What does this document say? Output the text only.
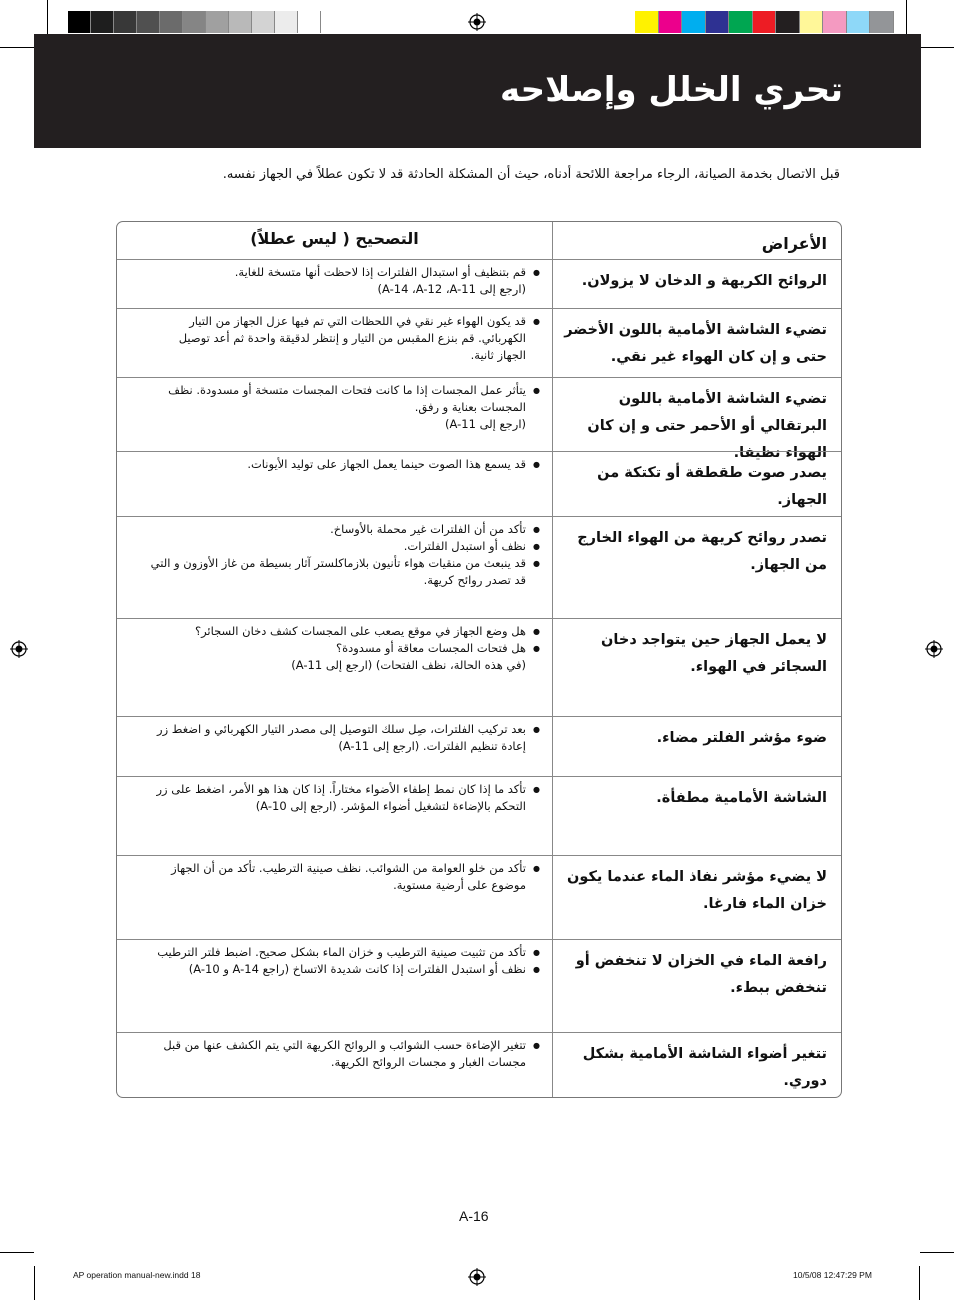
تحري الخلل وإصلاحه
قبل الاتصال بخدمة الصيانة، الرجاء مراجعة اللائحة أدناه، حيث أن المشكلة الحادثة قد لا تكون عطلاً في الجهاز نفسه.
الأعراض
التصحيح ( ليس عطلاً)
الروائح الكريهة و الدخان لا يزولان.
● قم بتنظيف أو استبدال الفلترات إذا لاحظت أنها متسخة للغاية.
(ارجع إلى A-14 ،A-12 ،A-11)
تضيء الشاشة الأمامية باللون الأخضر حتى و إن كان الهواء غير نقي.
● قد يكون الهواء غير نقي في اللحظات التي تم فيها عزل الجهاز من التيار الكهربائي. قم بنزع المقبس من التيار و إنتظر لدقيقة واحدة ثم أعد توصيل الجهاز ثانية.
تضيء الشاشة الأمامية باللون البرتقالي أو الأحمر حتى و إن كان الهواء نظيفا.
● يتأثر عمل المجسات إذا ما كانت فتحات المجسات متسخة أو مسدودة. نظف المجسات بعناية و رفق.
(ارجع إلى A-11)
يصدر صوت طقطقة أو تكتكة من الجهاز.
● قد يسمع هذا الصوت حينما يعمل الجهاز على توليد الأيونات.
تصدر روائح كريهة من الهواء الخارج من الجهاز.
● تأكد من أن الفلترات غير محملة بالأوساخ.
● نظف أو استبدل الفلترات.
● قد ينبعث من منقيات هواء تأنيون بلازماكلستر آثار بسيطة من غاز الأوزون و التي قد تصدر روائح كريهة.
لا يعمل الجهاز حين يتواجد دخان السجائر في الهواء.
● هل وضع الجهاز في موقع يصعب على المجسات كشف دخان السجائر؟
● هل فتحات المجسات معاقة أو مسدودة؟
(في هذه الحالة، نظف الفتحات) (ارجع إلى A-11)
ضوء مؤشر الفلتر مضاء.
● بعد تركيب الفلترات، صِل سلك التوصيل إلى مصدر التيار الكهربائي و اضغط زر إعادة تنظيم الفلترات. (ارجع إلى A-11)
الشاشة الأمامية مطفأة.
● تأكد ما إذا كان نمط إطفاء الأضواء مختاراً. إذا كان هذا هو الأمر، اضغط على زر التحكم بالإضاءة لتشغيل أضواء المؤشر. (ارجع إلى A-10)
لا يضيء مؤشر نفاذ الماء عندما يكون خزان الماء فارغا.
● تأكد من خلو العوامة من الشوائب. نظف صينية الترطيب. تأكد من أن الجهاز موضوع على أرضية مستوية.
رافعة الماء في الخزان لا تنخفض أو تنخفض ببطء.
● تأكد من تثبيت صينية الترطيب و خزان الماء بشكل صحيح. اضبط فلتر الترطيب
● نظف أو استبدل الفلترات إذا كانت شديدة الاتساخ (راجع A-14 و A-10)
تتغير أضواء الشاشة الأمامية بشكل دوري.
● تتغير الإضاءة حسب الشوائب و الروائح الكريهة التي يتم الكشف عنها من قبل مجسات الغبار و مجسات الروائح الكريهة.
A-16
AP operation manual-new.indd 18	10/5/08 12:47:29 PM
